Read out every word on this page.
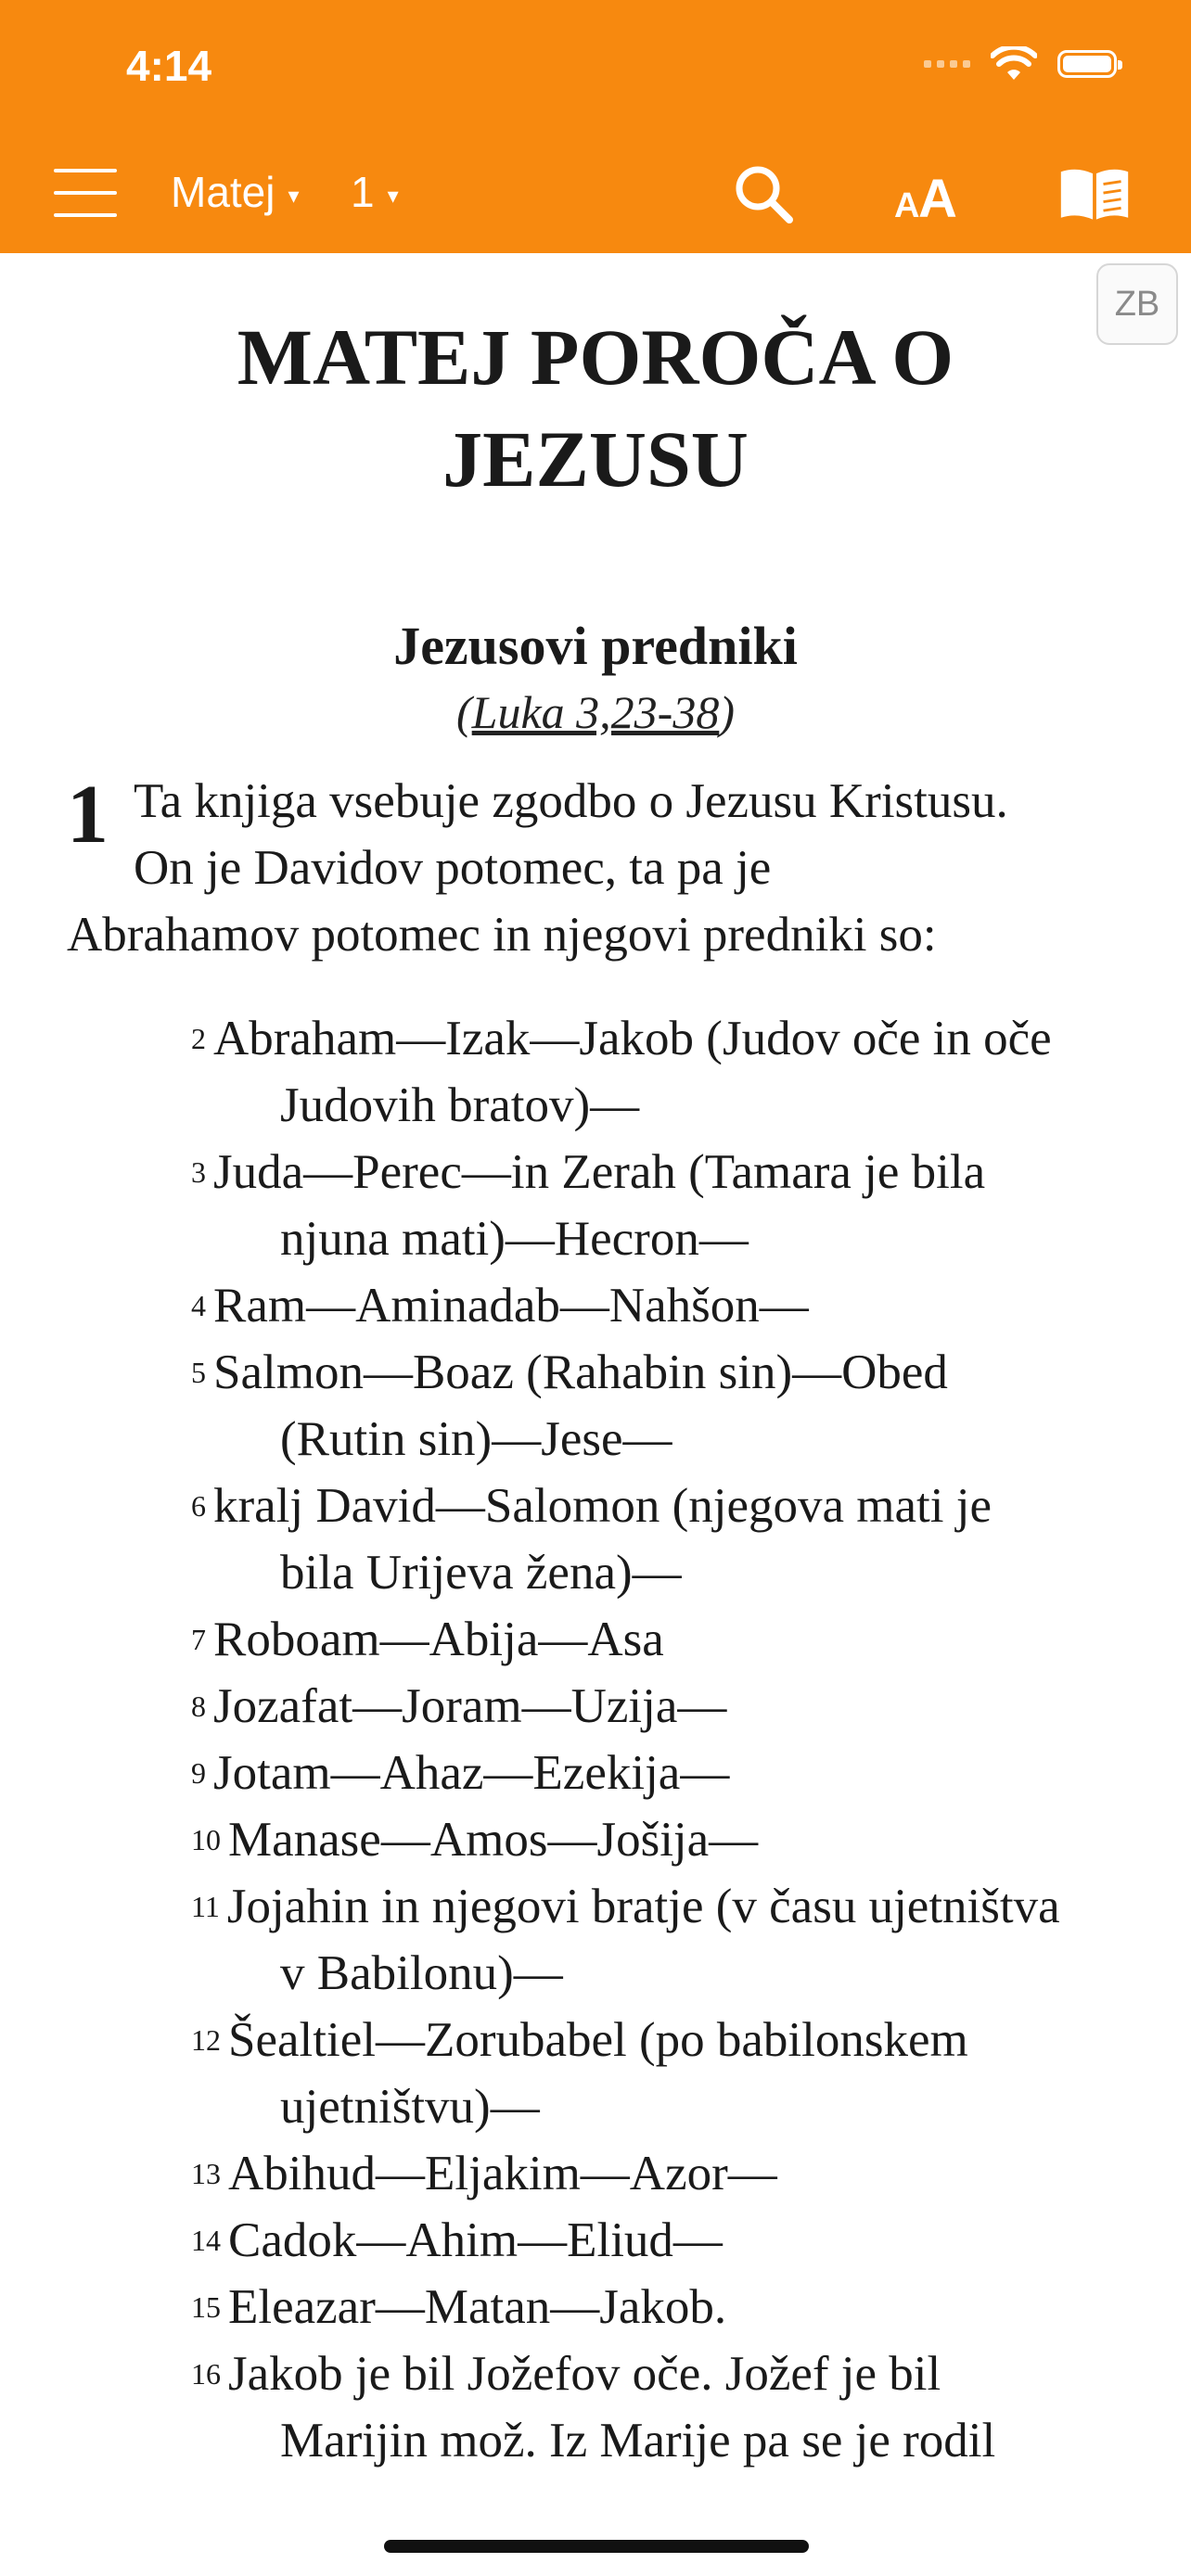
4:14
Matej ▾ 1 ▾	A
A
ZB
MATEJ POROČA O
JEZUSU
Jezusovi predniki
(Luka 3,23-38)
1 Ta knjiga vsebuje zgodbo o Jezusu Kristusu.
On je Davidov potomec, ta pa je
Abrahamov potomec in njegovi predniki so:
$^2$ Abraham—Izak—Jakob (Judov oče in oče
Judovih bratov)—
$^3$ Juda—Perec—in Zerah (Tamara je bila
njuna mati)—Hecron—
$^4$ Ram—Aminadab—Nahšon—
$^5$ Salmon—Boaz (Rahabin sin)—Obed
(Rutin sin)—Jese—
$^6$ kralj David—Salomon (njegova mati je
bila Urijeva žena)—
$^7$ Roboam—Abija—Asa
$^8$ Jozafat—Joram—Uzija—
$^9$ Jotam—Ahaz—Ezekija—
$^{10}$ Manase—Amos—Jošija—
$^{11}$ Jojahin in njegovi bratje (v času ujetništva
v Babilonu)—
$^{12}$ Šealtiel—Zorubabel (po babilonskem
ujetništvu)—
$^{13}$ Abihud—Eljakim—Azor—
$^{14}$ Cadok—Ahim—Eliud—
$^{15}$ Eleazar—Matan—Jakob.
$^{16}$ Jakob je bil Jožefov oče. Jožef je bil
Marijin mož. Iz Marije pa se je rodil
